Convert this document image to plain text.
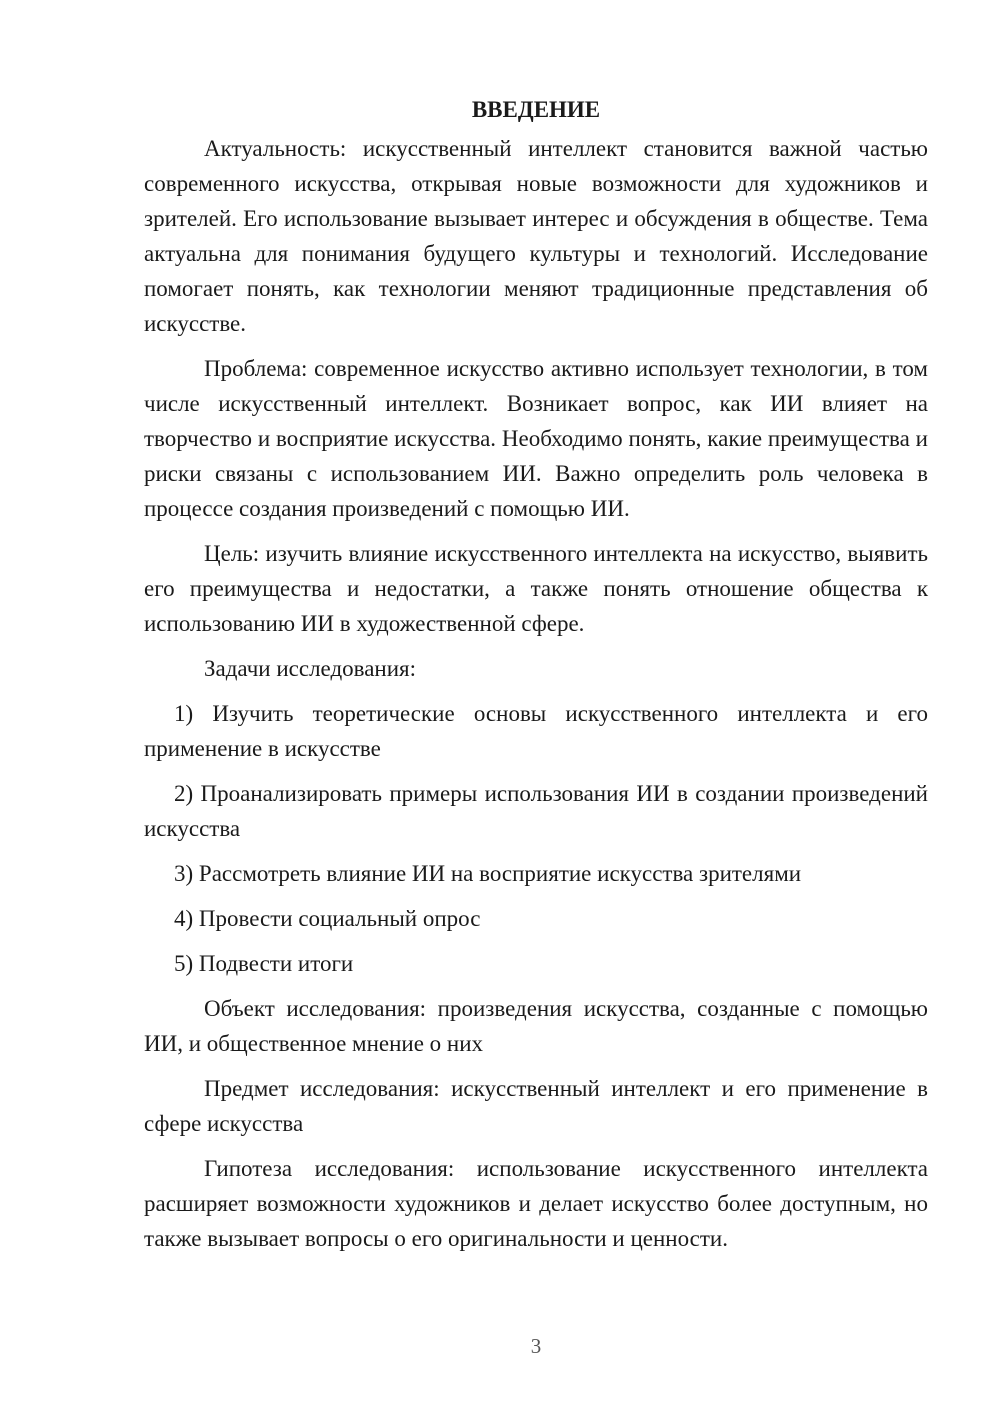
ВВЕДЕНИЕ

Актуальность: искусственный интеллект становится важной частью современного искусства, открывая новые возможности для художников и зрителей. Его использование вызывает интерес и обсуждения в обществе. Тема актуальна для понимания будущего культуры и технологий. Исследование помогает понять, как технологии меняют традиционные представления об искусстве.

Проблема: современное искусство активно использует технологии, в том числе искусственный интеллект. Возникает вопрос, как ИИ влияет на творчество и восприятие искусства. Необходимо понять, какие преимущества и риски связаны с использованием ИИ. Важно определить роль человека в процессе создания произведений с помощью ИИ.

Цель: изучить влияние искусственного интеллекта на искусство, выявить его преимущества и недостатки, а также понять отношение общества к использованию ИИ в художественной сфере.

Задачи исследования:

1) Изучить теоретические основы искусственного интеллекта и его применение в искусстве

2) Проанализировать примеры использования ИИ в создании произведений искусства

3) Рассмотреть влияние ИИ на восприятие искусства зрителями

4) Провести социальный опрос

5) Подвести итоги

Объект исследования: произведения искусства, созданные с помощью ИИ, и общественное мнение о них

Предмет исследования: искусственный интеллект и его применение в сфере искусства

Гипотеза исследования: использование искусственного интеллекта расширяет возможности художников и делает искусство более доступным, но также вызывает вопросы о его оригинальности и ценности.

3
